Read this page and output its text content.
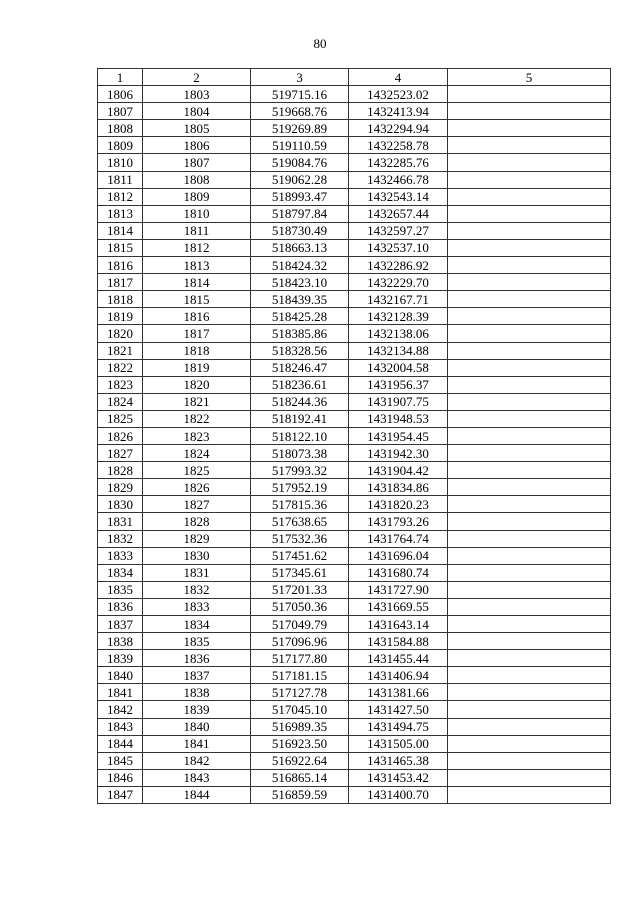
80
1	2	3	4	5
1806	1803	519715.16	1432523.02	
1807	1804	519668.76	1432413.94	
1808	1805	519269.89	1432294.94	
1809	1806	519110.59	1432258.78	
1810	1807	519084.76	1432285.76	
1811	1808	519062.28	1432466.78	
1812	1809	518993.47	1432543.14	
1813	1810	518797.84	1432657.44	
1814	1811	518730.49	1432597.27	
1815	1812	518663.13	1432537.10	
1816	1813	518424.32	1432286.92	
1817	1814	518423.10	1432229.70	
1818	1815	518439.35	1432167.71	
1819	1816	518425.28	1432128.39	
1820	1817	518385.86	1432138.06	
1821	1818	518328.56	1432134.88	
1822	1819	518246.47	1432004.58	
1823	1820	518236.61	1431956.37	
1824	1821	518244.36	1431907.75	
1825	1822	518192.41	1431948.53	
1826	1823	518122.10	1431954.45	
1827	1824	518073.38	1431942.30	
1828	1825	517993.32	1431904.42	
1829	1826	517952.19	1431834.86	
1830	1827	517815.36	1431820.23	
1831	1828	517638.65	1431793.26	
1832	1829	517532.36	1431764.74	
1833	1830	517451.62	1431696.04	
1834	1831	517345.61	1431680.74	
1835	1832	517201.33	1431727.90	
1836	1833	517050.36	1431669.55	
1837	1834	517049.79	1431643.14	
1838	1835	517096.96	1431584.88	
1839	1836	517177.80	1431455.44	
1840	1837	517181.15	1431406.94	
1841	1838	517127.78	1431381.66	
1842	1839	517045.10	1431427.50	
1843	1840	516989.35	1431494.75	
1844	1841	516923.50	1431505.00	
1845	1842	516922.64	1431465.38	
1846	1843	516865.14	1431453.42	
1847	1844	516859.59	1431400.70	
